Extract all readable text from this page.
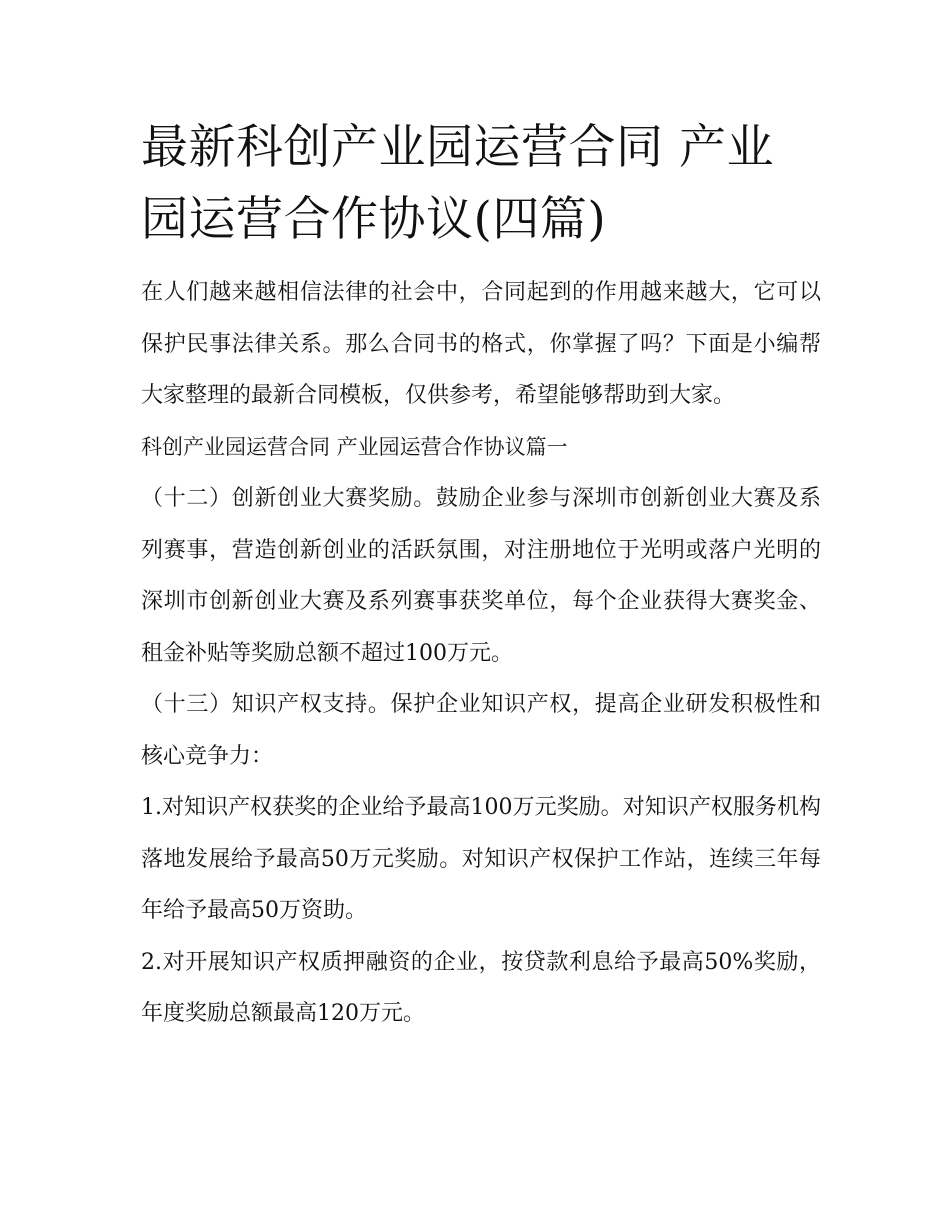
最新科创产业园运营合同 产业园运营合作协议(四篇)

在人们越来越相信法律的社会中，合同起到的作用越来越大，它可以保护民事法律关系。那么合同书的格式，你掌握了吗？下面是小编帮大家整理的最新合同模板，仅供参考，希望能够帮助到大家。

科创产业园运营合同 产业园运营合作协议篇一

（十二）创新创业大赛奖励。鼓励企业参与深圳市创新创业大赛及系列赛事，营造创新创业的活跃氛围，对注册地位于光明或落户光明的深圳市创新创业大赛及系列赛事获奖单位，每个企业获得大赛奖金、租金补贴等奖励总额不超过100万元。

（十三）知识产权支持。保护企业知识产权，提高企业研发积极性和核心竞争力：

1.对知识产权获奖的企业给予最高100万元奖励。对知识产权服务机构落地发展给予最高50万元奖励。对知识产权保护工作站，连续三年每年给予最高50万资助。

2.对开展知识产权质押融资的企业，按贷款利息给予最高50%奖励，年度奖励总额最高120万元。
